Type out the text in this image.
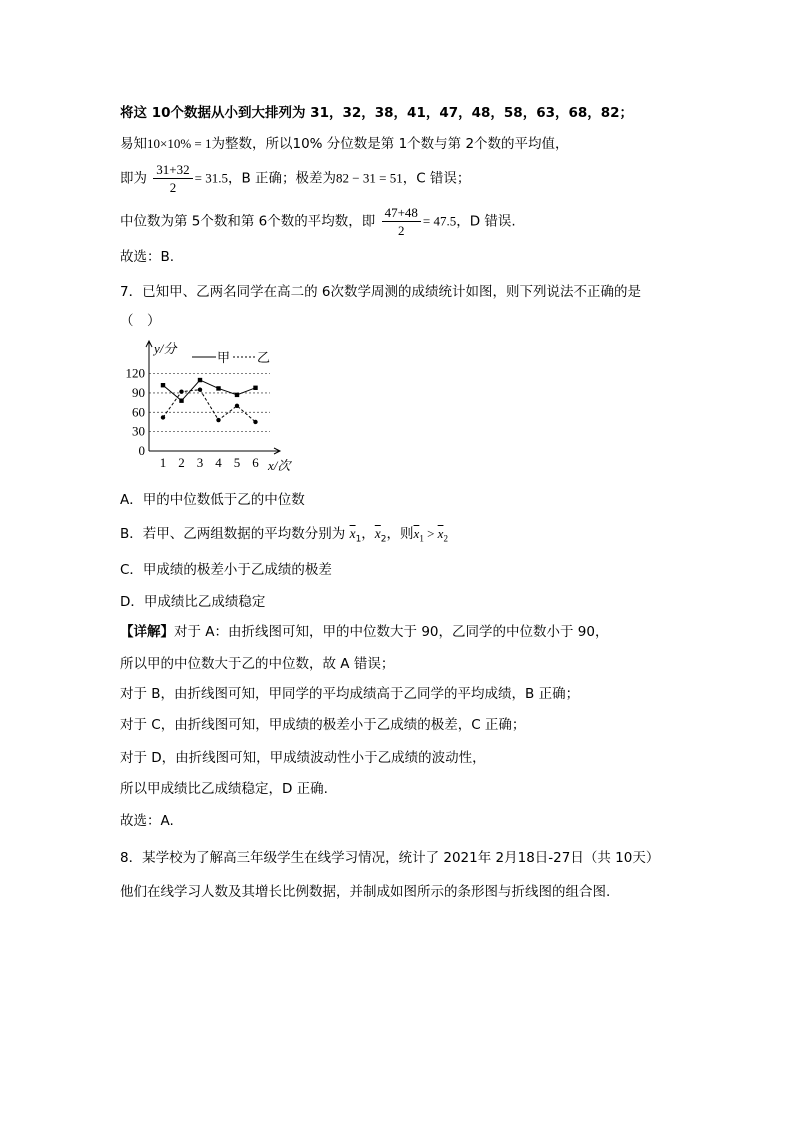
将这 10个数据从小到大排列为 31，32，38，41，47，48，58，63，68，82；
易知10×10% = 1为整数，所以10% 分位数是第 1个数与第 2个数的平均值，
即为 $\frac{31+32}{2} = 31.5$，B 正确；极差为82 − 31 = 51，C 错误；
中位数为第 5个数和第 6个数的平均数，即 $\frac{47+48}{2} = 47.5$，D 错误.
故选：B.
7．已知甲、乙两名同学在高二的 6次数学周测的成绩统计如图，则下列说法不正确的是
（　）
0
30
60
90
120
1 2 3 4 5 6
y/分
x/次
甲 乙
A．甲的中位数低于乙的中位数
B．若甲、乙两组数据的平均数分别为 $\overline{x}_1$，$\overline{x}_2$，则$\overline{x}_1 > \overline{x}_2$
C．甲成绩的极差小于乙成绩的极差
D．甲成绩比乙成绩稳定
【详解】对于 A：由折线图可知，甲的中位数大于 90，乙同学的中位数小于 90，
所以甲的中位数大于乙的中位数，故 A 错误；
对于 B，由折线图可知，甲同学的平均成绩高于乙同学的平均成绩，B 正确；
对于 C，由折线图可知，甲成绩的极差小于乙成绩的极差，C 正确；
对于 D，由折线图可知，甲成绩波动性小于乙成绩的波动性，
所以甲成绩比乙成绩稳定，D 正确.
故选：A.
8．某学校为了解高三年级学生在线学习情况，统计了 2021年 2月18日-27日（共 10天）
他们在线学习人数及其增长比例数据，并制成如图所示的条形图与折线图的组合图.
